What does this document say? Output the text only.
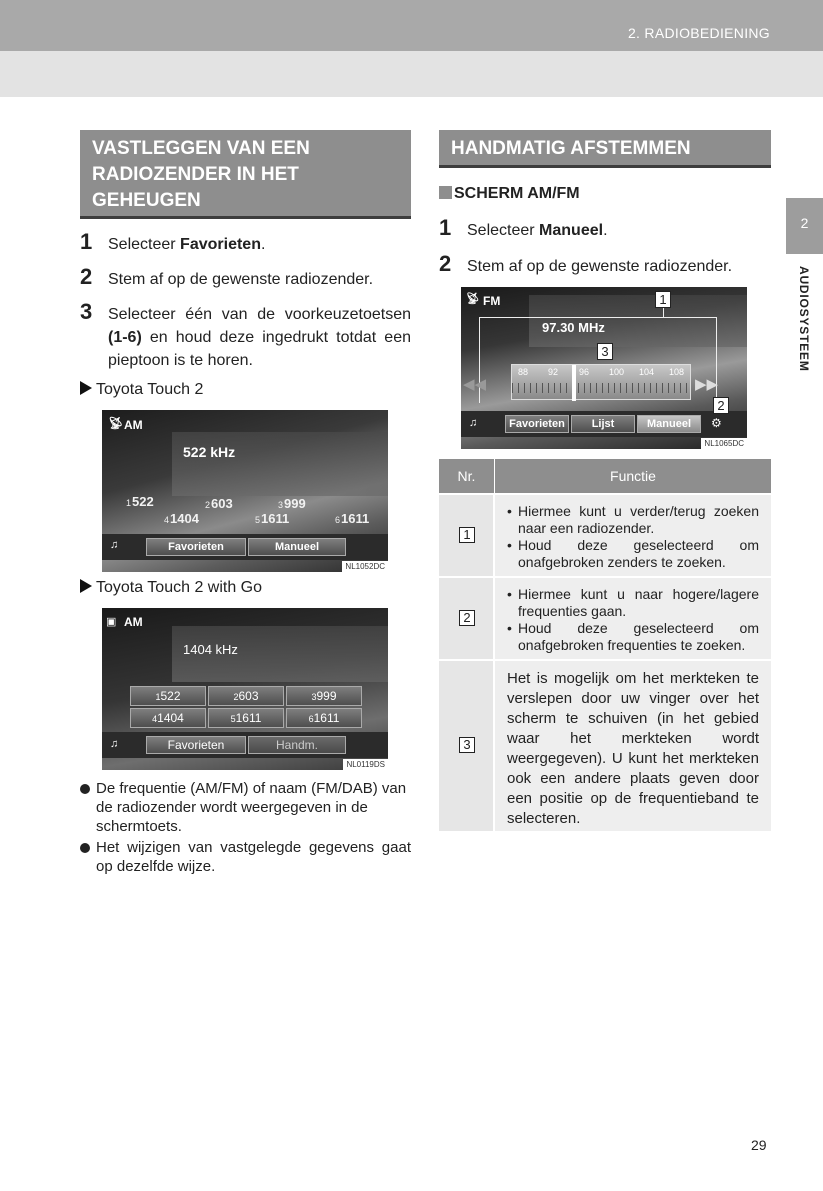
2. RADIOBEDIENING
2
AUDIOSYSTEEM
VASTLEGGEN VAN EEN RADIOZENDER IN HET GEHEUGEN
1 Selecteer Favorieten.
2 Stem af op de gewenste radiozender.
3 Selecteer één van de voorkeuzetoetsen (1-6) en houd deze ingedrukt totdat een pieptoon is te horen.
Toyota Touch 2
📡︎ AM
522 kHz
1522	2603	3999
41404	51611	61611
♫	Favorieten	Manueel
NL1052DC
Toyota Touch 2 with Go
▣ AM
1404 kHz
1522	2603	3999
41404	51611	61611
♫	Favorieten	Handm.
NL0119DS
De frequentie (AM/FM) of naam (FM/DAB) van de radiozender wordt weergegeven in de schermtoets.
Het wijzigen van vastgelegde gegevens gaat op dezelfde wijze.
HANDMATIG AFSTEMMEN
SCHERM AM/FM
1 Selecteer Manueel.
2 Stem af op de gewenste radiozender.
📡︎ FM
97.30 MHz
88 92 96 100 104 108
◀◀	▶▶
♫	Favorieten	Lijst	Manueel	⚙
1
3
2
NL1065DC
Nr.	Functie
1
• Hiermee kunt u verder/terug zoeken naar een radiozender.
• Houd deze geselecteerd om onafgebroken zenders te zoeken.
2
• Hiermee kunt u naar hogere/lagere frequenties gaan.
• Houd deze geselecteerd om onafgebroken frequenties te zoeken.
3
Het is mogelijk om het merkteken te verslepen door uw vinger over het scherm te schuiven (in het gebied waar het merkteken wordt weergegeven). U kunt het merkteken ook een andere plaats geven door een positie op de frequentieband te selecteren.
29
